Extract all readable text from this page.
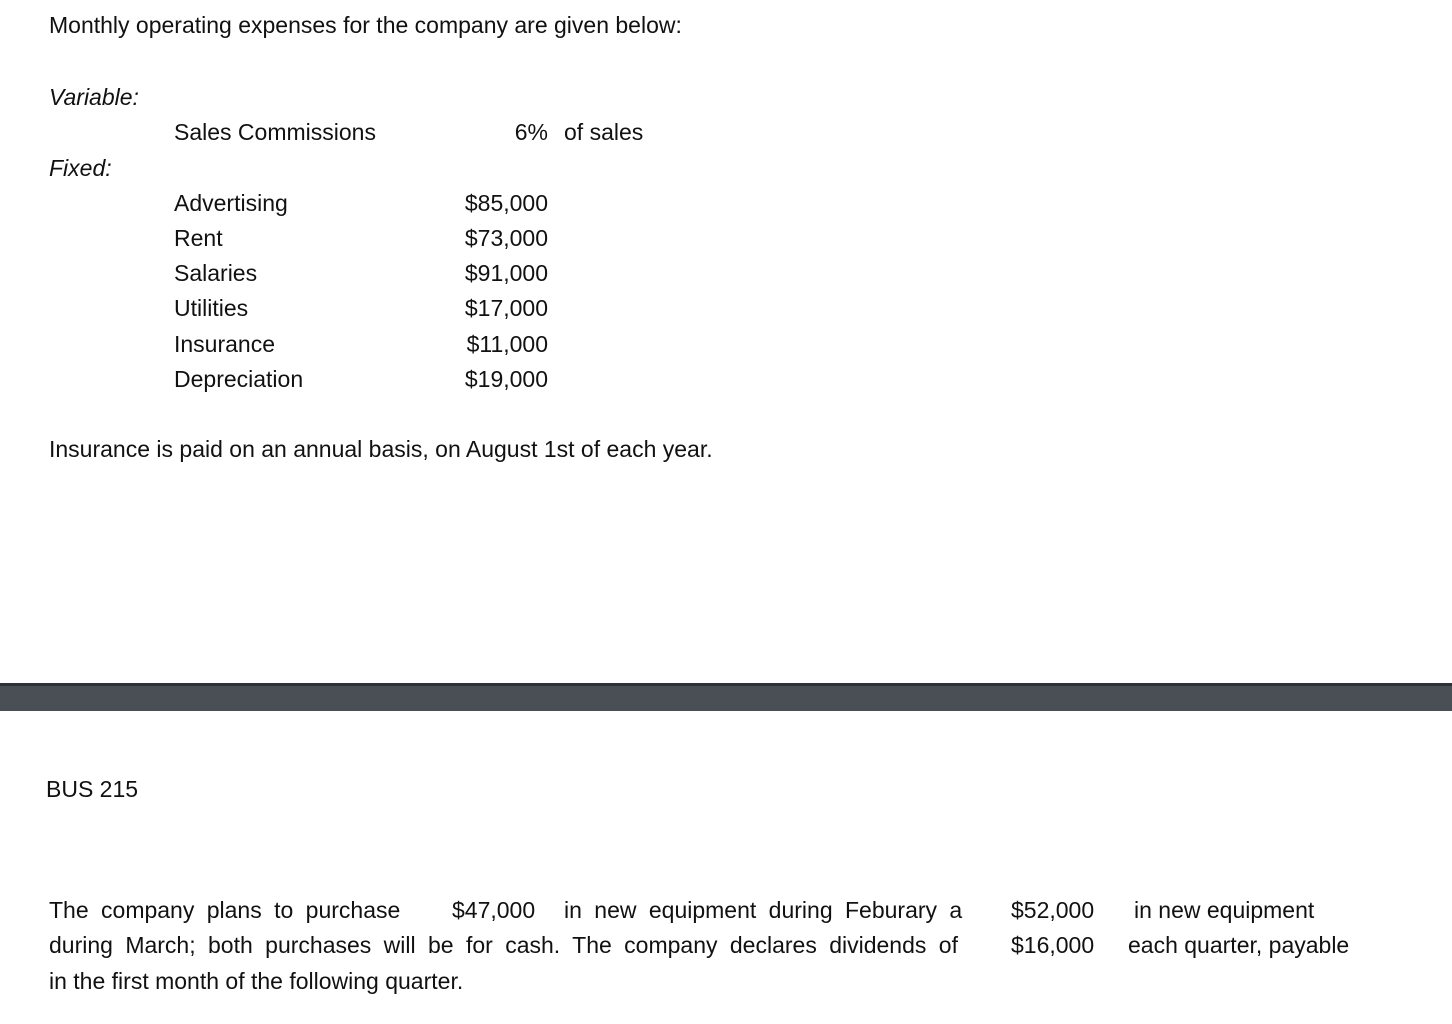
Monthly operating expenses for the company are given below:
Variable:
Sales Commissions	6% of sales
Fixed:
Advertising	$85,000
Rent	$73,000
Salaries	$91,000
Utilities	$17,000
Insurance	$11,000
Depreciation	$19,000
Insurance is paid on an annual basis, on August 1st of each year.
BUS 215
The company plans to purchase $47,000 in new equipment during Feburary a $52,000 in new equipment
during March; both purchases will be for cash. The company declares dividends of $16,000 each quarter, payable
in the first month of the following quarter.
